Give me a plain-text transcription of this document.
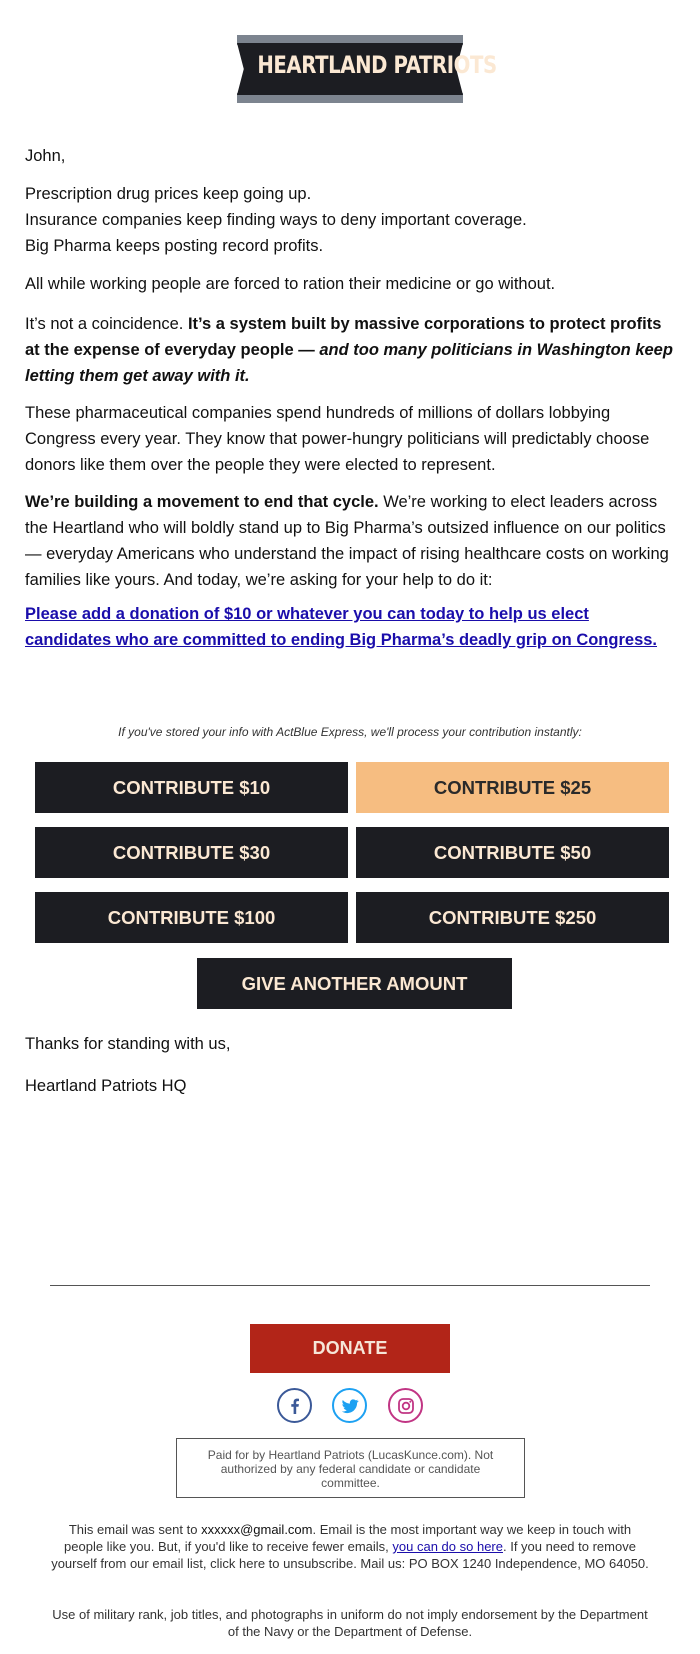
HEARTLAND PATRIOTS

John,

Prescription drug prices keep going up.

Insurance companies keep finding ways to deny important coverage.

Big Pharma keeps posting record profits.

All while working people are forced to ration their medicine or go without.

It’s not a coincidence. It’s a system built by massive corporations to protect profits at the expense of everyday people — and too many politicians in Washington keep letting them get away with it.

These pharmaceutical companies spend hundreds of millions of dollars lobbying Congress every year. They know that power-hungry politicians will predictably choose donors like them over the people they were elected to represent.

We’re building a movement to end that cycle. We’re working to elect leaders across the Heartland who will boldly stand up to Big Pharma’s outsized influence on our politics — everyday Americans who understand the impact of rising healthcare costs on working families like yours. And today, we’re asking for your help to do it:

Please add a donation of $10 or whatever you can today to help us elect candidates who are committed to ending Big Pharma’s deadly grip on Congress.

If you've stored your info with ActBlue Express, we'll process your contribution instantly:
CONTRIBUTE $10	CONTRIBUTE $25
CONTRIBUTE $30	CONTRIBUTE $50
CONTRIBUTE $100	CONTRIBUTE $250
GIVE ANOTHER AMOUNT

Thanks for standing with us,

Heartland Patriots HQ

DONATE
Paid for by Heartland Patriots (LucasKunce.com). Not authorized by any federal candidate or candidate committee.
This email was sent to xxxxxx@gmail.com. Email is the most important way we keep in touch with people like you. But, if you'd like to receive fewer emails, you can do so here. If you need to remove yourself from our email list, click here to unsubscribe. Mail us: PO BOX 1240 Independence, MO 64050.
Use of military rank, job titles, and photographs in uniform do not imply endorsement by the Department of the Navy or the Department of Defense.
